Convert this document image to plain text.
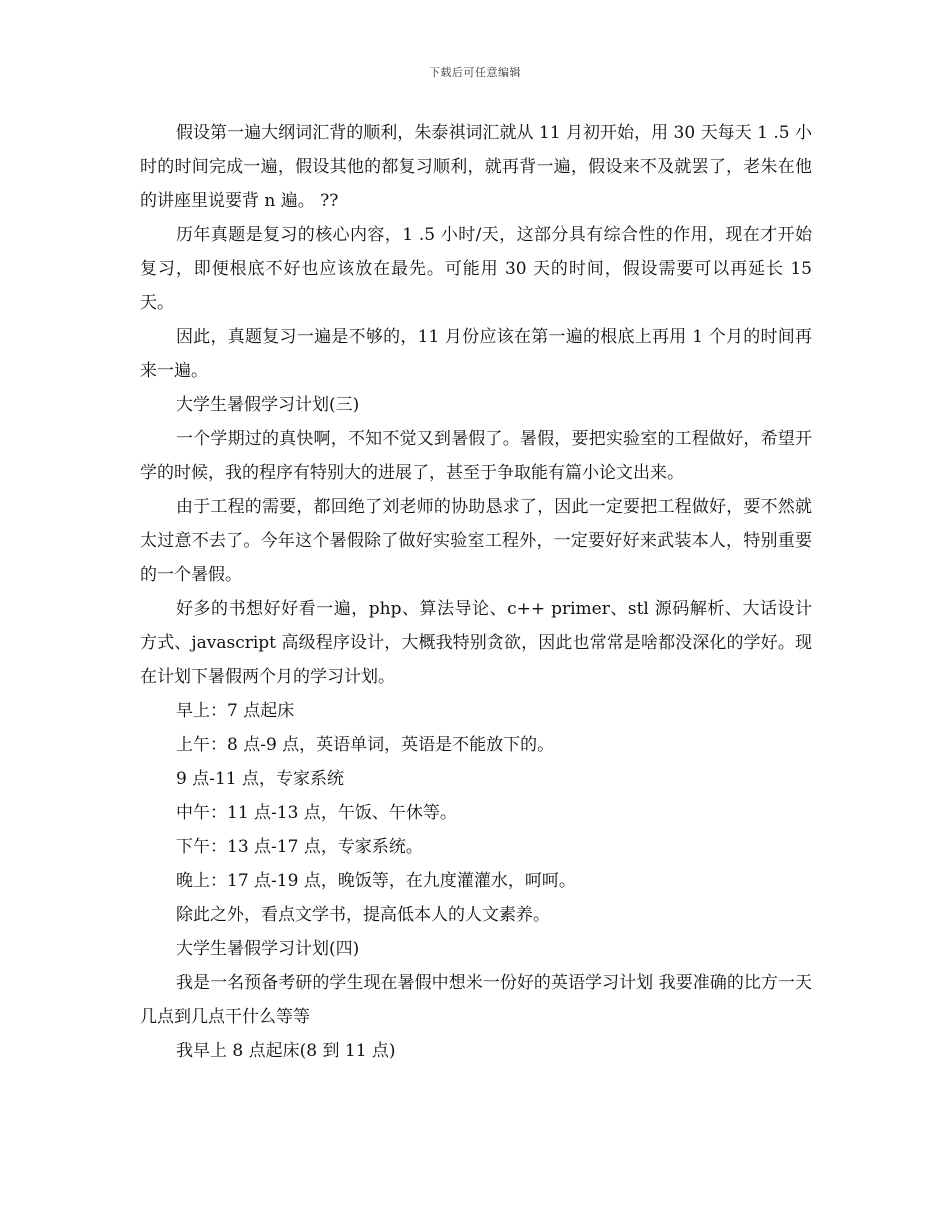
下载后可任意编辑

假设第一遍大纲词汇背的顺利，朱泰祺词汇就从 11 月初开始，用 30 天每天 1 .5 小时的时间完成一遍，假设其他的都复习顺利，就再背一遍，假设来不及就罢了，老朱在他的讲座里说要背 n 遍。 ??

历年真题是复习的核心内容，1 .5 小时/天，这部分具有综合性的作用，现在才开始复习，即便根底不好也应该放在最先。可能用 30 天的时间，假设需要可以再延长 15 天。

因此，真题复习一遍是不够的，11 月份应该在第一遍的根底上再用 1 个月的时间再来一遍。

大学生暑假学习计划(三)

一个学期过的真快啊，不知不觉又到暑假了。暑假，要把实验室的工程做好，希望开学的时候，我的程序有特别大的进展了，甚至于争取能有篇小论文出来。

由于工程的需要，都回绝了刘老师的协助恳求了，因此一定要把工程做好，要不然就太过意不去了。今年这个暑假除了做好实验室工程外，一定要好好来武装本人，特别重要的一个暑假。

好多的书想好好看一遍，php、算法导论、c++ primer、stl 源码解析、大话设计方式、javascript 高级程序设计，大概我特别贪欲，因此也常常是啥都没深化的学好。现在计划下暑假两个月的学习计划。

早上：7 点起床

上午：8 点-9 点，英语单词，英语是不能放下的。

9 点-11 点，专家系统

中午：11 点-13 点，午饭、午休等。

下午：13 点-17 点，专家系统。

晚上：17 点-19 点，晚饭等，在九度灌灌水，呵呵。

除此之外，看点文学书，提高低本人的人文素养。

大学生暑假学习计划(四)

我是一名预备考研的学生现在暑假中想米一份好的英语学习计划 我要准确的比方一天几点到几点干什么等等

我早上 8 点起床(8 到 11 点)
